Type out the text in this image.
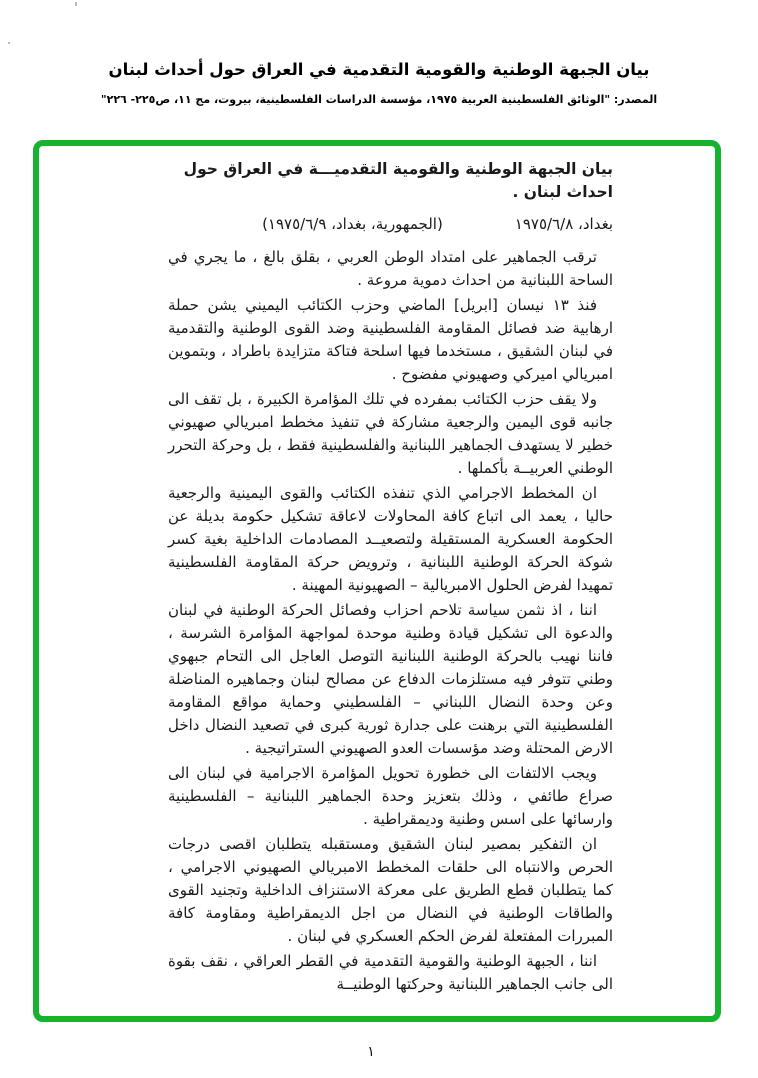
بيان الجبهة الوطنية والقومية التقدمية في العراق حول أحداث لبنان
المصدر: "الوثائق الفلسطينية العربية ١٩٧٥، مؤسسة الدراسات الفلسطينية، بيروت، مج ١١، ص٢٢٥- ٢٢٦"
بيان الجبهة الوطنية والقومية التقدميـــة في العراق حول احداث لبنان .
بغداد، ١٩٧٥/٦/٨
(الجمهورية، بغداد، ١٩٧٥/٦/٩)

ترقب الجماهير على امتداد الوطن العربي ، بقلق بالغ ، ما يجري في الساحة اللبنانية من احداث دموية مروعة .

فنذ ١٣ نيسان [ابريل] الماضي وحزب الكتائب اليميني يشن حملة ارهابية ضد فصائل المقاومة الفلسطينية وضد القوى الوطنية والتقدمية في لبنان الشقيق ، مستخدما فيها اسلحة فتاكة متزايدة باطراد ، وبتموين امبريالي اميركي وصهيوني مفضوح .

ولا يقف حزب الكتائب بمفرده في تلك المؤامرة الكبيرة ، بل تقف الى جانبه قوى اليمين والرجعية مشاركة في تنفيذ مخطط امبريالي صهيوني خطير لا يستهدف الجماهير اللبنانية والفلسطينية فقط ، بل وحركة التحرر الوطني العربيــة بأكملها .

ان المخطط الاجرامي الذي تنفذه الكتائب والقوى اليمينية والرجعية حاليا ، يعمد الى اتباع كافة المحاولات لاعاقة تشكيل حكومة بديلة عن الحكومة العسكرية المستقيلة ولتصعيــد المصادمات الداخلية بغية كسر شوكة الحركة الوطنية اللبنانية ، وترويض حركة المقاومة الفلسطينية تمهيدا لفرض الحلول الامبريالية – الصهيونية المهينة .

اننا ، اذ نثمن سياسة تلاحم احزاب وفصائل الحركة الوطنية في لبنان والدعوة الى تشكيل قيادة وطنية موحدة لمواجهة المؤامرة الشرسة ، فاننا نهيب بالحركة الوطنية اللبنانية التوصل العاجل الى التحام جبهوي وطني تتوفر فيه مستلزمات الدفاع عن مصالح لبنان وجماهيره المناضلة وعن وحدة النضال اللبناني – الفلسطيني وحماية مواقع المقاومة الفلسطينية التي برهنت على جدارة ثورية كبرى في تصعيد النضال داخل الارض المحتلة وضد مؤسسات العدو الصهيوني الستراتيجية .

ويجب الالتفات الى خطورة تحويل المؤامرة الاجرامية في لبنان الى صراع طائفي ، وذلك بتعزيز وحدة الجماهير اللبنانية – الفلسطينية وارسائها على اسس وطنية وديمقراطية .

ان التفكير بمصير لبنان الشقيق ومستقبله يتطلبان اقصى درجات الحرص والانتباه الى حلقات المخطط الامبريالي الصهيوني الاجرامي ، كما يتطلبان قطع الطريق على معركة الاستنزاف الداخلية وتجنيد القوى والطاقات الوطنية في النضال من اجل الديمقراطية ومقاومة كافة المبررات المفتعلة لفرض الحكم العسكري في لبنان .

اننا ، الجبهة الوطنية والقومية التقدمية في القطر العراقي ، نقف بقوة الى جانب الجماهير اللبنانية وحركتها الوطنيــة

١
